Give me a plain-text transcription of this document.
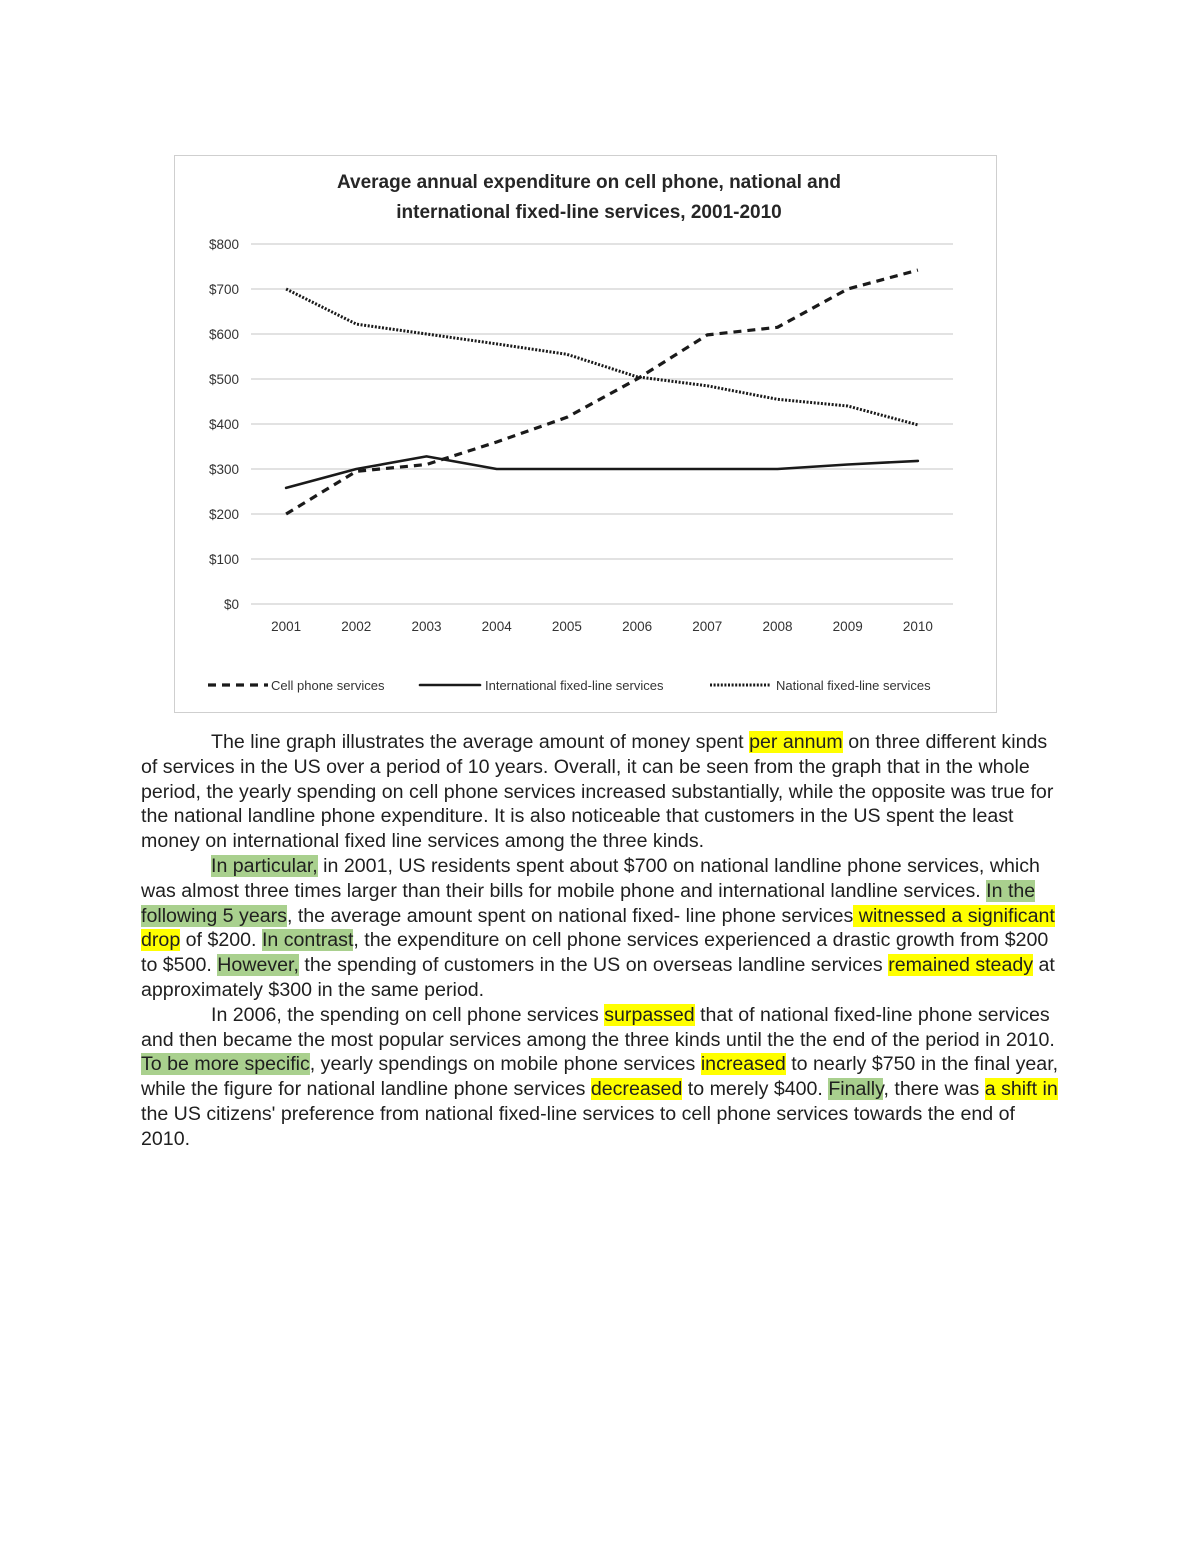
Average annual expenditure on cell phone, national and
international fixed-line services, 2001-2010
$0
$100
$200
$300
$400
$500
$600
$700
$800
2001	2002	2003	2004	2005	2006	2007	2008	2009	2010
Cell phone services	International fixed-line services	National fixed-line services

The line graph illustrates the average amount of money spent per annum on three different kinds of services in the US over a period of 10 years. Overall, it can be seen from the graph that in the whole period, the yearly spending on cell phone services increased substantially, while the opposite was true for the national landline phone expenditure. It is also noticeable that customers in the US spent the least money on international fixed line services among the three kinds.

In particular, in 2001, US residents spent about $700 on national landline phone services, which was almost three times larger than their bills for mobile phone and international landline services. In the following 5 years, the average amount spent on national fixed- line phone services witnessed a significant drop of $200. In contrast, the expenditure on cell phone services experienced a drastic growth from $200 to $500. However, the spending of customers in the US on overseas landline services remained steady at approximately $300 in the same period.

In 2006, the spending on cell phone services surpassed that of national fixed-line phone services and then became the most popular services among the three kinds until the the end of the period in 2010. To be more specific, yearly spendings on mobile phone services increased to nearly $750 in the final year, while the figure for national landline phone services decreased to merely $400. Finally, there was a shift in the US citizens' preference from national fixed-line services to cell phone services towards the end of 2010.
